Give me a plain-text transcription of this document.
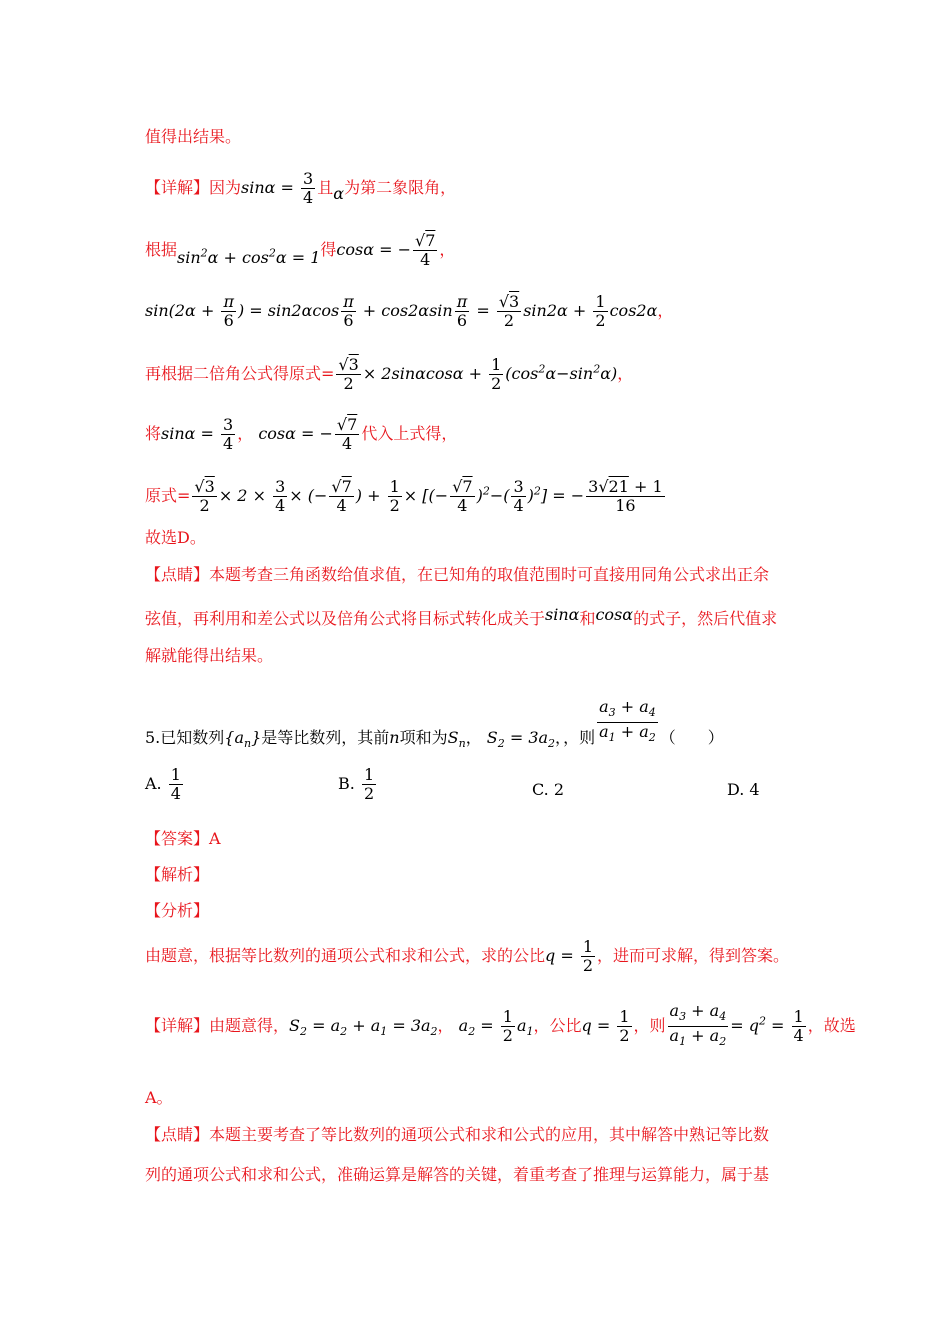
值得出结果。
【详解】因为$\sin\alpha = \frac{3}{4}$ 且α为第二象限角，
根据$\sin^2\alpha + \cos^2\alpha = 1$得cosα = − $\frac{√7}{4}$ ，
$\sin(2\alpha + \frac{\pi}{6}$ ) = $\sin 2\alpha\cos \frac{\pi}{6} + \cos 2\alpha\sin \frac{\pi}{6} = \frac{√3}{2} \sin 2\alpha + \frac{1}{2} \cos 2\alpha$，
再根据二倍角公式得原式= $\frac{√3}{2} \times 2\sin\alpha\cos\alpha + \frac{1}{2} (\cos^2\alpha-\sin^2\alpha)$，
将$\sin\alpha = \frac{3}{4}$ ， cosα = − $\frac{√7}{4}$ 代入上式得，
原式= $\frac{√3}{2} \times 2 \times \frac{3}{4}$ × (− $\frac{√7}{4}$ ) + $\frac{1}{2}$ × [(− $\frac{√7}{4} )^2-( \frac{3}{4} )^2$] = − $\frac{3√21 + 1}{16}$
故选D。
【点睛】本题考查三角函数给值求值，在已知角的取值范围时可直接用同角公式求出正余
弦值，再利用和差公式以及倍角公式将目标式转化成关于sinα和cosα的式子，然后代值求
解就能得出结果。
5.已知数列$\{a_n\}$是等比数列，其前n项和为$S_n$， $S_2 = 3a_2$，，则 $\frac{a_3 + a_4}{a_1 + a_2}$ （　　）
A. $\frac{1}{4}$	B. $\frac{1}{2}$	C. 2	D. 4
【答案】A
【解析】
【分析】
由题意，根据等比数列的通项公式和求和公式，求的公比$q = \frac{1}{2}$ ，进而可求解，得到答案。
【详解】由题意得，$S_2 = a_2 + a_1 = 3a_2$， $a_2 = \frac{1}{2} a_1$，公比$q = \frac{1}{2}$ ，则 $\frac{a_3 + a_4}{a_1 + a_2} = q^2 = \frac{1}{4}$ ，故选
A。
【点睛】本题主要考查了等比数列的通项公式和求和公式的应用，其中解答中熟记等比数
列的通项公式和求和公式，准确运算是解答的关键，着重考查了推理与运算能力，属于基
